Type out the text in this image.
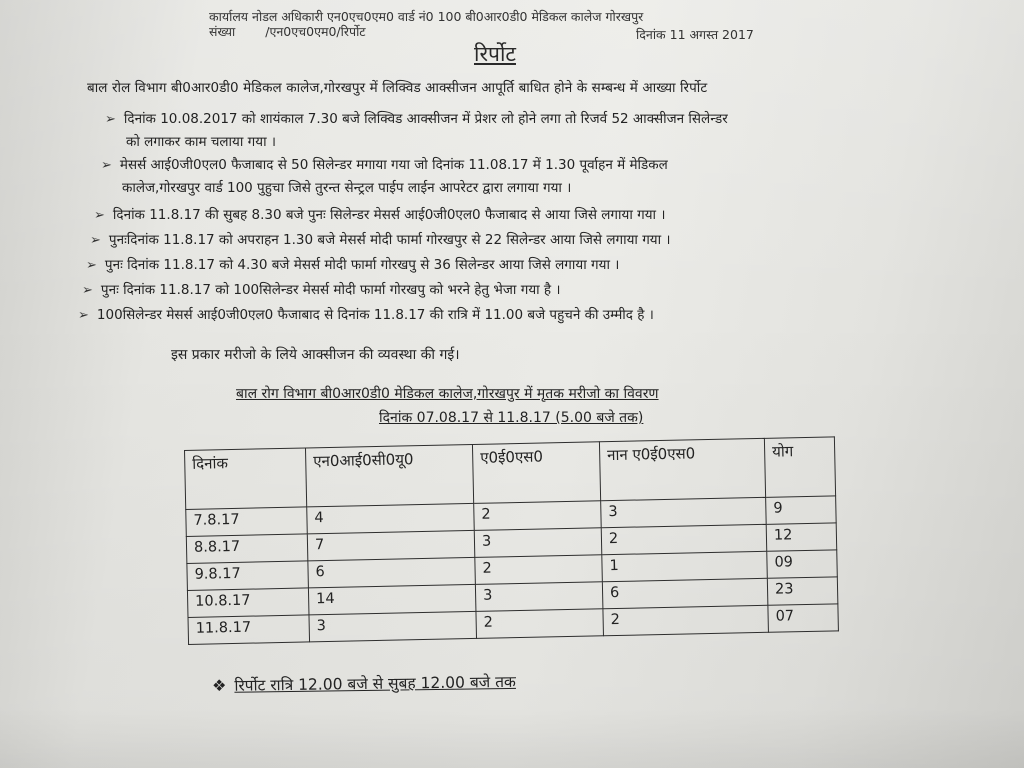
कार्यालय नोडल अधिकारी एन0एच0एम0 वार्ड नं0 100 बी0आर0डी0 मेडिकल कालेज गोरखपुर
संख्या /एन0एच0एम0/रिर्पोट	दिनांक 11 अगस्त 2017
रिर्पोट
बाल रोल विभाग बी0आर0डी0 मेडिकल कालेज,गोरखपुर में लिक्विड आक्सीजन आपूर्ति बाधित होने के सम्बन्ध में आख्या रिर्पोट
➢ दिनांक 10.08.2017 को शायंकाल 7.30 बजे लिक्विड आक्सीजन में प्रेशर लो होने लगा तो रिजर्व 52 आक्सीजन सिलेन्डर
को लगाकर काम चलाया गया ।
➢ मेसर्स आई0जी0एल0 फैजाबाद से 50 सिलेन्डर मगाया गया जो दिनांक 11.08.17 में 1.30 पूर्वाहन में मेडिकल
कालेज,गोरखपुर वार्ड 100 पुहुचा जिसे तुरन्त सेन्ट्रल पाईप लाईन आपरेटर द्वारा लगाया गया ।
➢ दिनांक 11.8.17 की सुबह 8.30 बजे पुनः सिलेन्डर मेसर्स आई0जी0एल0 फैजाबाद से आया जिसे लगाया गया ।
➢ पुनःदिनांक 11.8.17 को अपराहन 1.30 बजे मेसर्स मोदी फार्मा गोरखपुर से 22 सिलेन्डर आया जिसे लगाया गया ।
➢ पुनः दिनांक 11.8.17 को 4.30 बजे मेसर्स मोदी फार्मा गोरखपु से 36 सिलेन्डर आया जिसे लगाया गया ।
➢ पुनः दिनांक 11.8.17 को 100सिलेन्डर मेसर्स मोदी फार्मा गोरखपु को भरने हेतु भेजा गया है ।
➢ 100सिलेन्डर मेसर्स आई0जी0एल0 फैजाबाद से दिनांक 11.8.17 की रात्रि में 11.00 बजे पहुचने की उम्मीद है ।
इस प्रकार मरीजो के लिये आक्सीजन की व्यवस्था की गई।
बाल रोग विभाग बी0आर0डी0 मेडिकल कालेज,गोरखपुर में मृतक मरीजो का विवरण
दिनांक 07.08.17 से 11.8.17 (5.00 बजे तक)
दिनांक	एन0आई0सी0यू0	ए0ई0एस0	नान ए0ई0एस0	योग
7.8.17	4	2	3	9
8.8.17	7	3	2	12
9.8.17	6	2	1	09
10.8.17	14	3	6	23
11.8.17	3	2	2	07
❖ रिर्पोट रात्रि 12.00 बजे से सुबह 12.00 बजे तक
